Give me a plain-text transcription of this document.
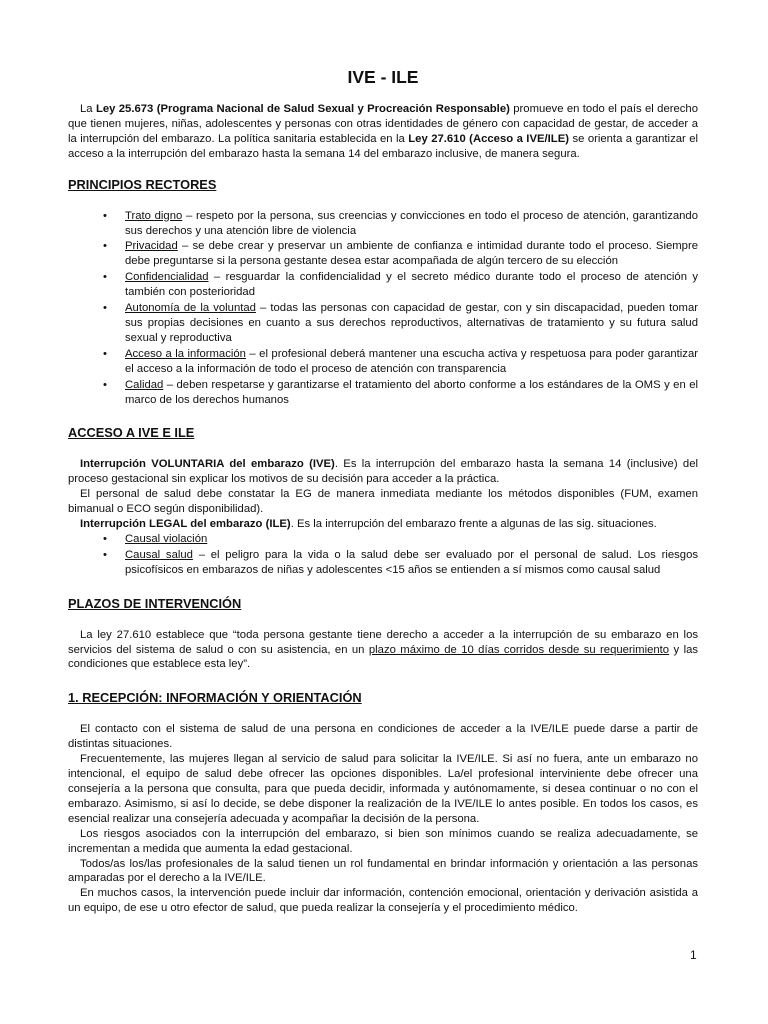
IVE - ILE

La Ley 25.673 (Programa Nacional de Salud Sexual y Procreación Responsable) promueve en todo el país el derecho que tienen mujeres, niñas, adolescentes y personas con otras identidades de género con capacidad de gestar, de acceder a la interrupción del embarazo. La política sanitaria establecida en la Ley 27.610 (Acceso a IVE/ILE) se orienta a garantizar el acceso a la interrupción del embarazo hasta la semana 14 del embarazo inclusive, de manera segura.

PRINCIPIOS RECTORES
• Trato digno – respeto por la persona, sus creencias y convicciones en todo el proceso de atención, garantizando sus derechos y una atención libre de violencia
• Privacidad – se debe crear y preservar un ambiente de confianza e intimidad durante todo el proceso. Siempre debe preguntarse si la persona gestante desea estar acompañada de algún tercero de su elección
• Confidencialidad – resguardar la confidencialidad y el secreto médico durante todo el proceso de atención y también con posterioridad
• Autonomía de la voluntad – todas las personas con capacidad de gestar, con y sin discapacidad, pueden tomar sus propias decisiones en cuanto a sus derechos reproductivos, alternativas de tratamiento y su futura salud sexual y reproductiva
• Acceso a la información – el profesional deberá mantener una escucha activa y respetuosa para poder garantizar el acceso a la información de todo el proceso de atención con transparencia
• Calidad – deben respetarse y garantizarse el tratamiento del aborto conforme a los estándares de la OMS y en el marco de los derechos humanos
ACCESO A IVE E ILE

Interrupción VOLUNTARIA del embarazo (IVE). Es la interrupción del embarazo hasta la semana 14 (inclusive) del proceso gestacional sin explicar los motivos de su decisión para acceder a la práctica.

El personal de salud debe constatar la EG de manera inmediata mediante los métodos disponibles (FUM, examen bimanual o ECO según disponibilidad).

Interrupción LEGAL del embarazo (ILE). Es la interrupción del embarazo frente a algunas de las sig. situaciones.

• Causal violación
• Causal salud – el peligro para la vida o la salud debe ser evaluado por el personal de salud. Los riesgos psicofísicos en embarazos de niñas y adolescentes <15 años se entienden a sí mismos como causal salud
PLAZOS DE INTERVENCIÓN

La ley 27.610 establece que “toda persona gestante tiene derecho a acceder a la interrupción de su embarazo en los servicios del sistema de salud o con su asistencia, en un plazo máximo de 10 días corridos desde su requerimiento y las condiciones que establece esta ley”.

1. RECEPCIÓN: INFORMACIÓN Y ORIENTACIÓN

El contacto con el sistema de salud de una persona en condiciones de acceder a la IVE/ILE puede darse a partir de distintas situaciones.

Frecuentemente, las mujeres llegan al servicio de salud para solicitar la IVE/ILE. Si así no fuera, ante un embarazo no intencional, el equipo de salud debe ofrecer las opciones disponibles. La/el profesional interviniente debe ofrecer una consejería a la persona que consulta, para que pueda decidir, informada y autónomamente, si desea continuar o no con el embarazo. Asimismo, si así lo decide, se debe disponer la realización de la IVE/ILE lo antes posible. En todos los casos, es esencial realizar una consejería adecuada y acompañar la decisión de la persona.

Los riesgos asociados con la interrupción del embarazo, si bien son mínimos cuando se realiza adecuadamente, se incrementan a medida que aumenta la edad gestacional.

Todos/as los/las profesionales de la salud tienen un rol fundamental en brindar información y orientación a las personas amparadas por el derecho a la IVE/ILE.

En muchos casos, la intervención puede incluir dar información, contención emocional, orientación y derivación asistida a un equipo, de ese u otro efector de salud, que pueda realizar la consejería y el procedimiento médico.

1
